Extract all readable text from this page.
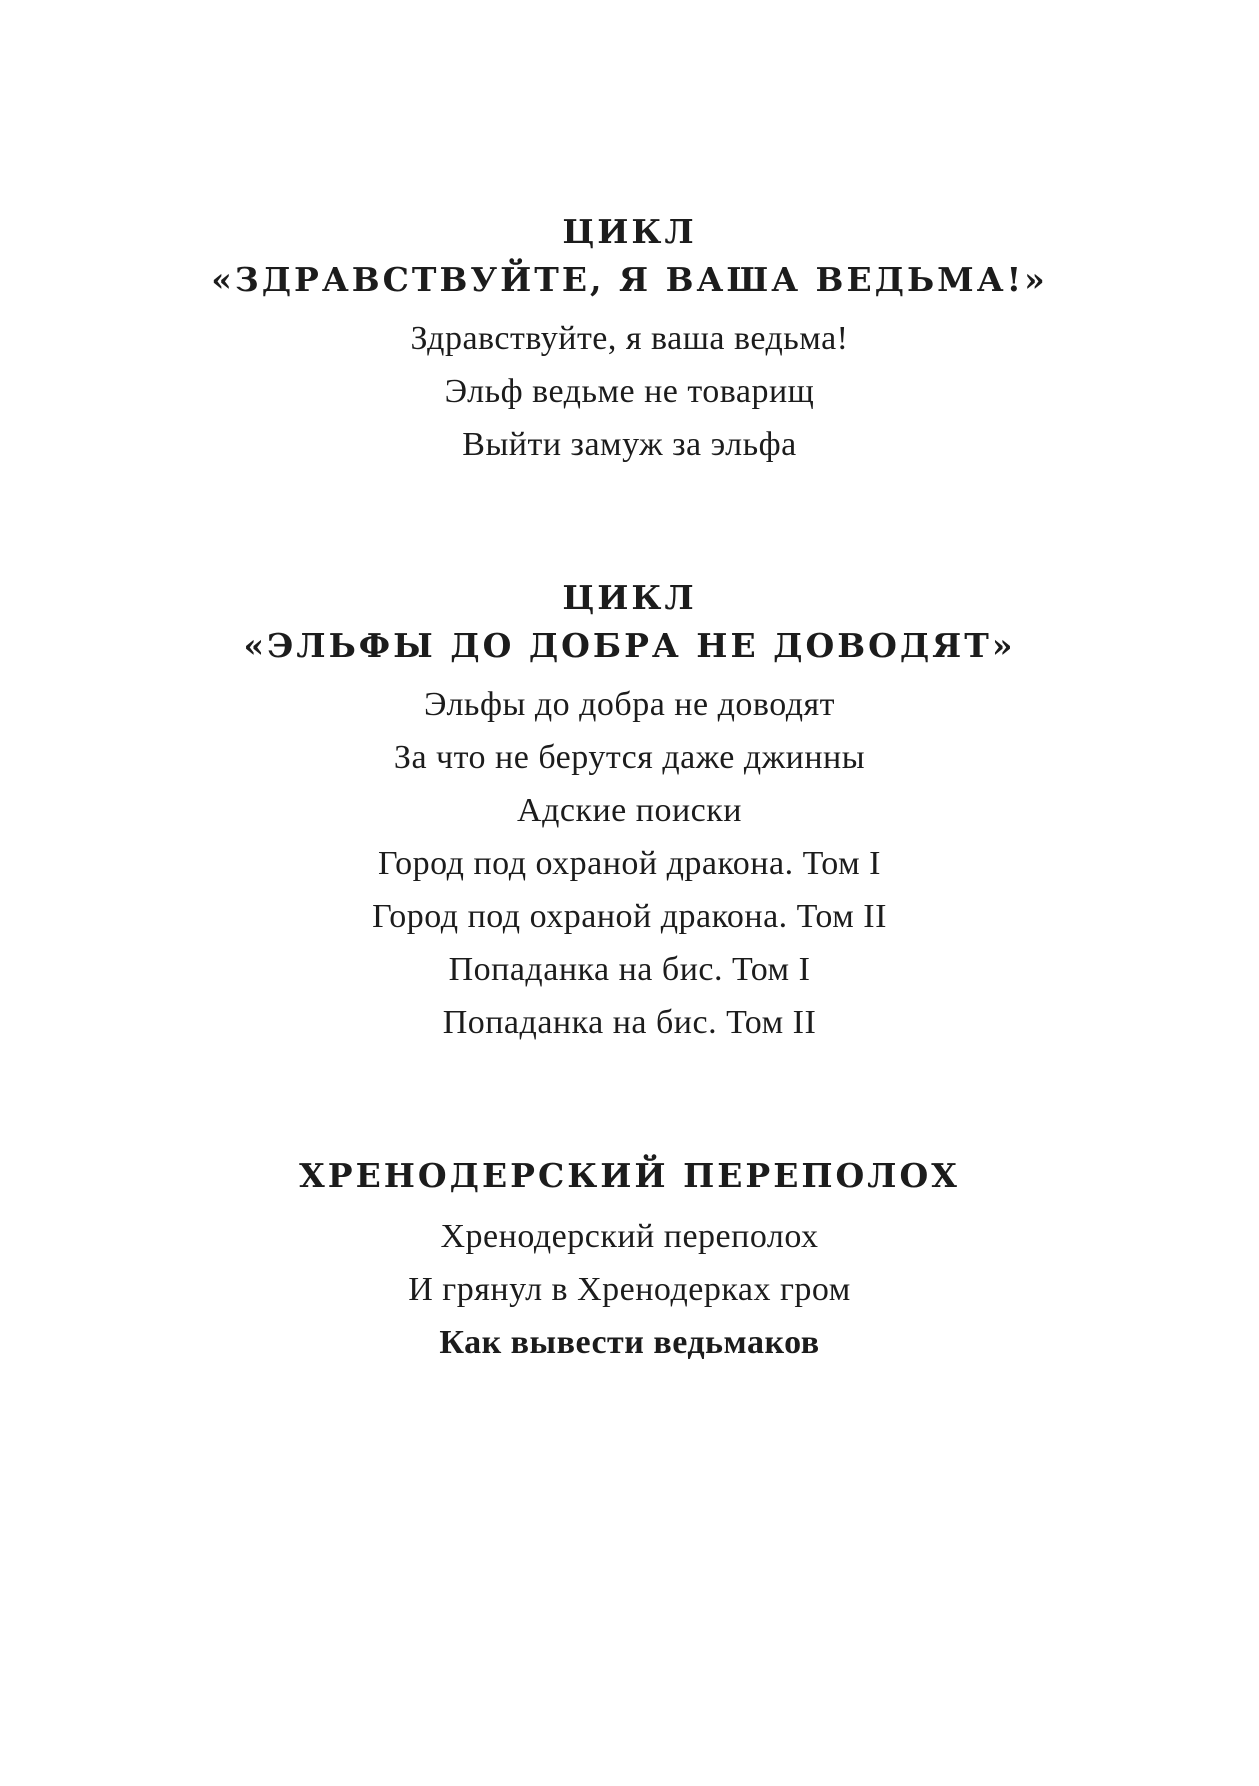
ЦИКЛ
«ЗДРАВСТВУЙТЕ, Я ВАША ВЕДЬМА!»
Здравствуйте, я ваша ведьма!
Эльф ведьме не товарищ
Выйти замуж за эльфа
ЦИКЛ
«ЭЛЬФЫ ДО ДОБРА НЕ ДОВОДЯТ»
Эльфы до добра не доводят
За что не берутся даже джинны
Адские поиски
Город под охраной дракона. Том I
Город под охраной дракона. Том II
Попаданка на бис. Том I
Попаданка на бис. Том II
ХРЕНОДЕРСКИЙ ПЕРЕПОЛОХ
Хренодерский переполох
И грянул в Хренодерках гром
Как вывести ведьмаков
